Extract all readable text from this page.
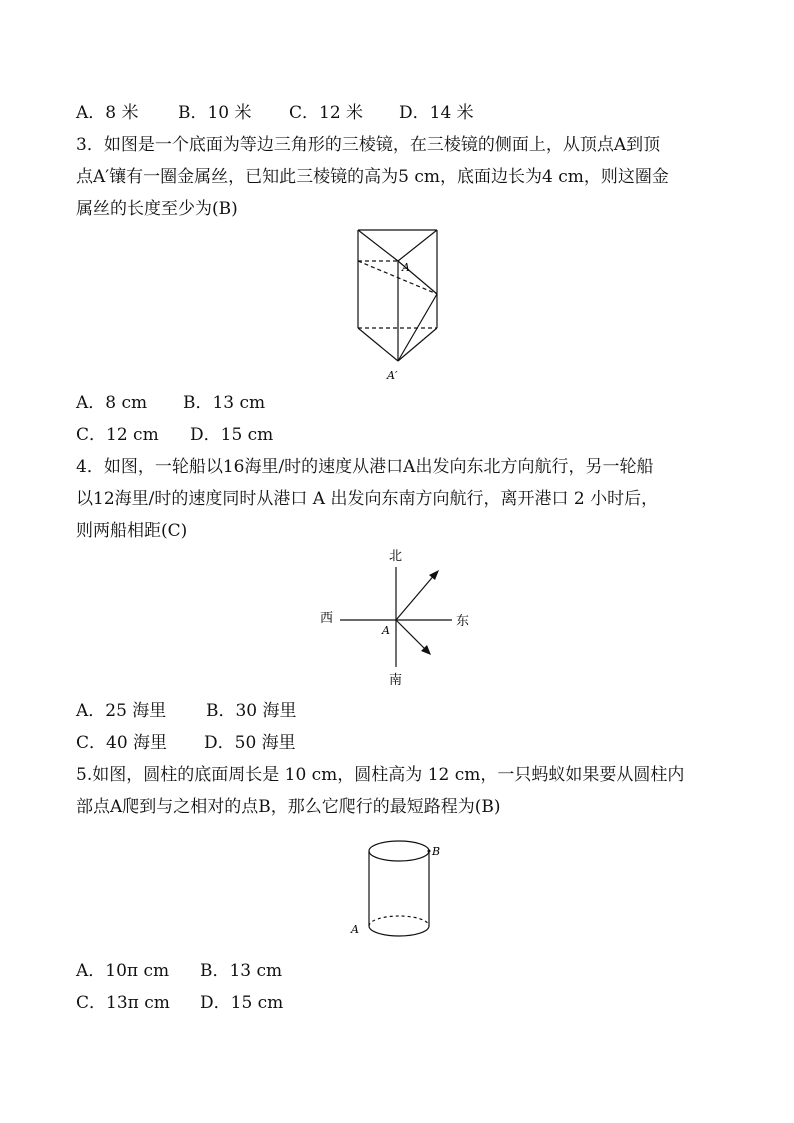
A．8 米 B．10 米 C．12 米 D．14 米
3．如图是一个底面为等边三角形的三棱镜，在三棱镜的侧面上，从顶点A到顶
点A′镶有一圈金属丝，已知此三棱镜的高为5 cm，底面边长为4 cm，则这圈金
属丝的长度至少为(B)
A
A′
A．8 cm B．13 cm
C．12 cm D．15 cm
4．如图，一轮船以16海里/时的速度从港口A出发向东北方向航行，另一轮船
以12海里/时的速度同时从港口 A 出发向东南方向航行，离开港口 2 小时后，
则两船相距(C)
北
南
东
西
A
A．25 海里 B．30 海里
C．40 海里 D．50 海里
5.如图，圆柱的底面周长是 10 cm，圆柱高为 12 cm，一只蚂蚁如果要从圆柱内
部点A爬到与之相对的点B，那么它爬行的最短路程为(B)
B
A
A．10π cm B．13 cm
C．13π cm D．15 cm
